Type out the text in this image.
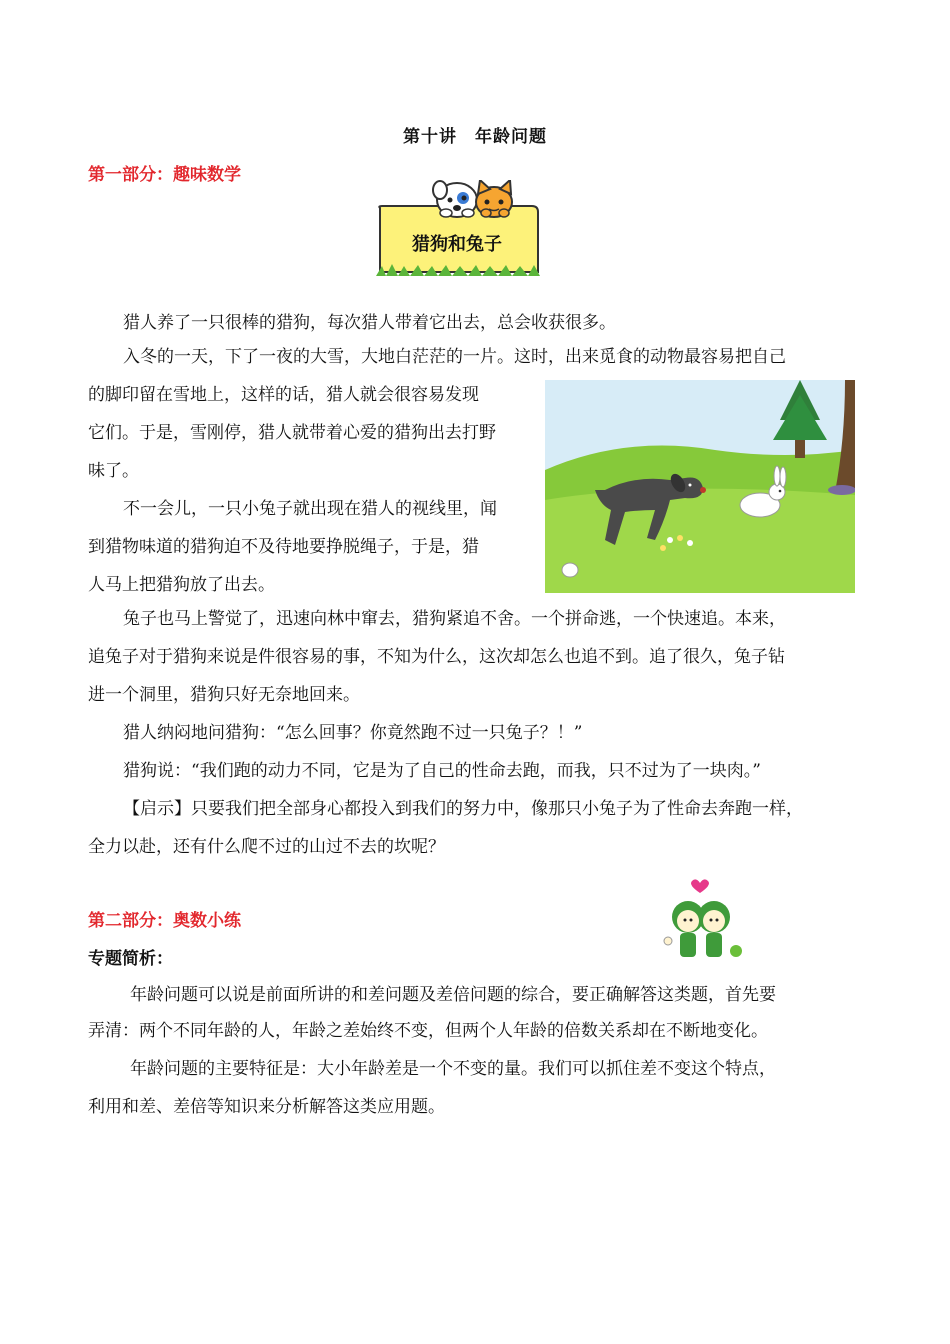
第十讲　年龄问题
第一部分：趣味数学
猎狗和兔子

猎人养了一只很棒的猎狗，每次猎人带着它出去，总会收获很多。

入冬的一天，下了一夜的大雪，大地白茫茫的一片。这时，出来觅食的动物最容易把自己

的脚印留在雪地上，这样的话，猎人就会很容易发现

它们。于是，雪刚停，猎人就带着心爱的猎狗出去打野

味了。

不一会儿，一只小兔子就出现在猎人的视线里，闻

到猎物味道的猎狗迫不及待地要挣脱绳子，于是，猎

人马上把猎狗放了出去。

兔子也马上警觉了，迅速向林中窜去，猎狗紧追不舍。一个拼命逃，一个快速追。本来，

追兔子对于猎狗来说是件很容易的事，不知为什么，这次却怎么也追不到。追了很久，兔子钻

进一个洞里，猎狗只好无奈地回来。

猎人纳闷地问猎狗：“怎么回事？你竟然跑不过一只兔子？！”

猎狗说：“我们跑的动力不同，它是为了自己的性命去跑，而我，只不过为了一块肉。”

【启示】只要我们把全部身心都投入到我们的努力中，像那只小兔子为了性命去奔跑一样，

全力以赴，还有什么爬不过的山过不去的坎呢？

第二部分：奥数小练
专题简析：

年龄问题可以说是前面所讲的和差问题及差倍问题的综合，要正确解答这类题，首先要

弄清：两个不同年龄的人，年龄之差始终不变，但两个人年龄的倍数关系却在不断地变化。

年龄问题的主要特征是：大小年龄差是一个不变的量。我们可以抓住差不变这个特点，

利用和差、差倍等知识来分析解答这类应用题。
